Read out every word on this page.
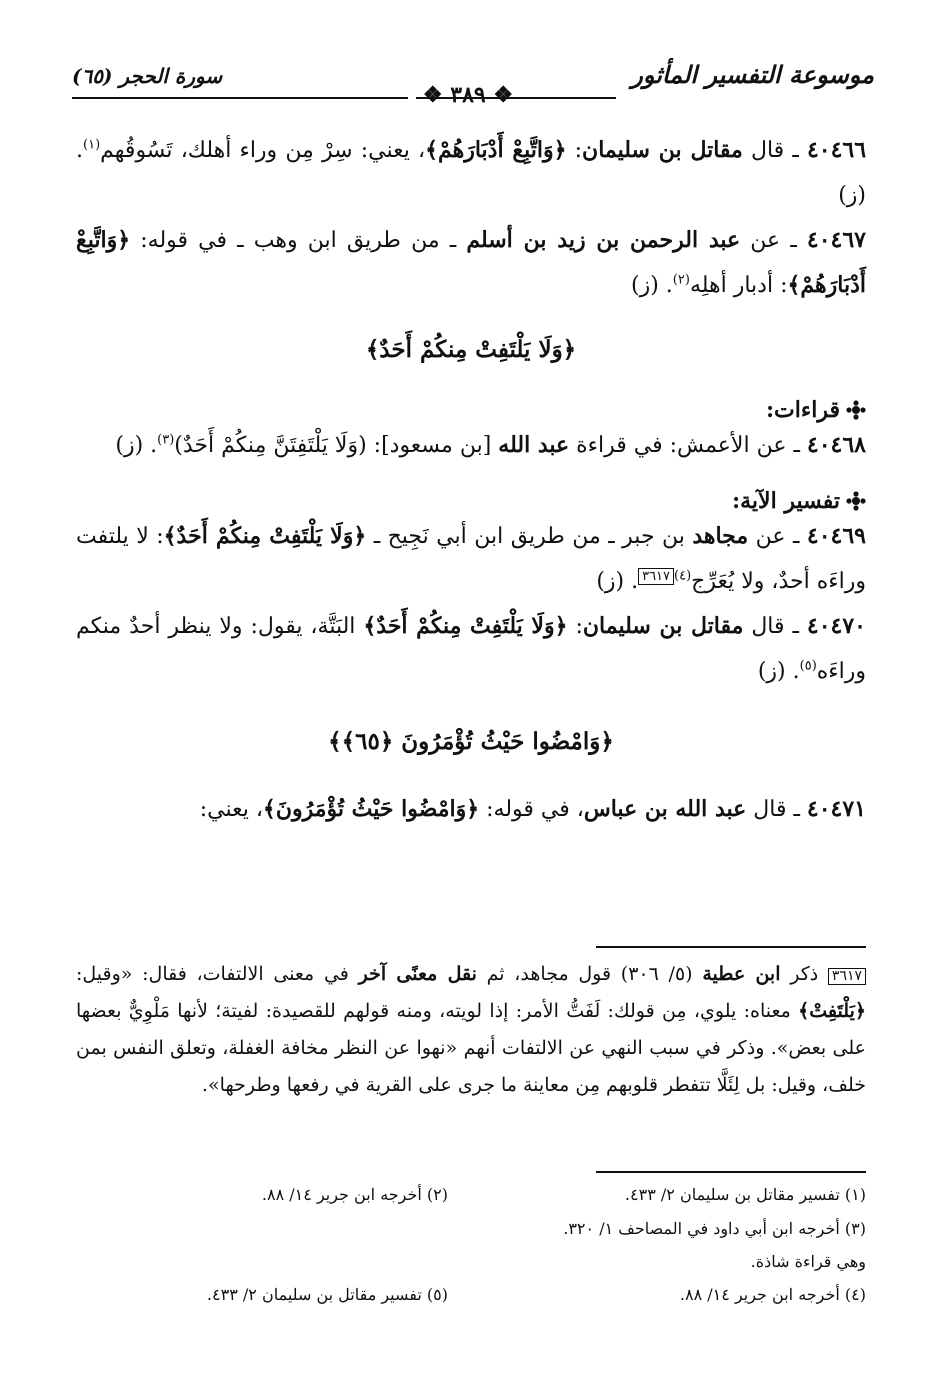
موسوعة التفسير المأثور
سورة الحجر (٦٥)
❖ ٣٨٩ ❖

٤٠٤٦٦ ـ قال مقاتل بن سليمان: ﴿وَاتَّبِعْ أَدْبَارَهُمْ﴾، يعني: سِرْ مِن وراء أهلك، تَسُوقُهم$^{(١)}$. (ز)

٤٠٤٦٧ ـ عن عبد الرحمن بن زيد بن أسلم ـ من طريق ابن وهب ـ في قوله: ﴿وَاتَّبِعْ أَدْبَارَهُمْ﴾: أدبار أهلِه$^{(٢)}$. (ز)

﴿وَلَا يَلْتَفِتْ مِنكُمْ أَحَدٌ﴾

قراءات:

٤٠٤٦٨ ـ عن الأعمش: في قراءة عبد الله [بن مسعود]: (وَلَا يَلْتَفِتَنَّ مِنكُمْ أَحَدٌ)$^{(٣)}$. (ز)

تفسير الآية:

٤٠٤٦٩ ـ عن مجاهد بن جبر ـ من طريق ابن أبي نَجِيح ـ ﴿وَلَا يَلْتَفِتْ مِنكُمْ أَحَدٌ﴾: لا يلتفت وراءَه أحدٌ، ولا يُعَرِّج$^{(٤)}$٣٦١٧. (ز)

٤٠٤٧٠ ـ قال مقاتل بن سليمان: ﴿وَلَا يَلْتَفِتْ مِنكُمْ أَحَدٌ﴾ البَتَّة، يقول: ولا ينظر أحدٌ منكم وراءَه$^{(٥)}$. (ز)

﴿وَامْضُوا حَيْثُ تُؤْمَرُونَ ﴿٦٥﴾﴾

٤٠٤٧١ ـ قال عبد الله بن عباس، في قوله: ﴿وَامْضُوا حَيْثُ تُؤْمَرُونَ﴾، يعني:

٣٦١٧ ذكر ابن عطية (٥/ ٣٠٦) قول مجاهد، ثم نقل معنًى آخر في معنى الالتفات، فقال: «وقيل: ﴿يَلْتَفِتْ﴾ معناه: يلوي، مِن قولك: لَفَتُّ الأمر: إذا لويته، ومنه قولهم للقصيدة: لفيتة؛ لأنها مَلْوِيٌّ بعضها على بعض». وذكر في سبب النهي عن الالتفات أنهم «نهوا عن النظر مخافة الغفلة، وتعلق النفس بمن خلف، وقيل: بل لِئَلَّا تتفطر قلوبهم مِن معاينة ما جرى على القرية في رفعها وطرحها».

(١) تفسير مقاتل بن سليمان ٢/ ٤٣٣.
(٢) أخرجه ابن جرير ١٤/ ٨٨.
(٣) أخرجه ابن أبي داود في المصاحف ١/ ٣٢٠.
وهي قراءة شاذة.
(٤) أخرجه ابن جرير ١٤/ ٨٨.
(٥) تفسير مقاتل بن سليمان ٢/ ٤٣٣.
